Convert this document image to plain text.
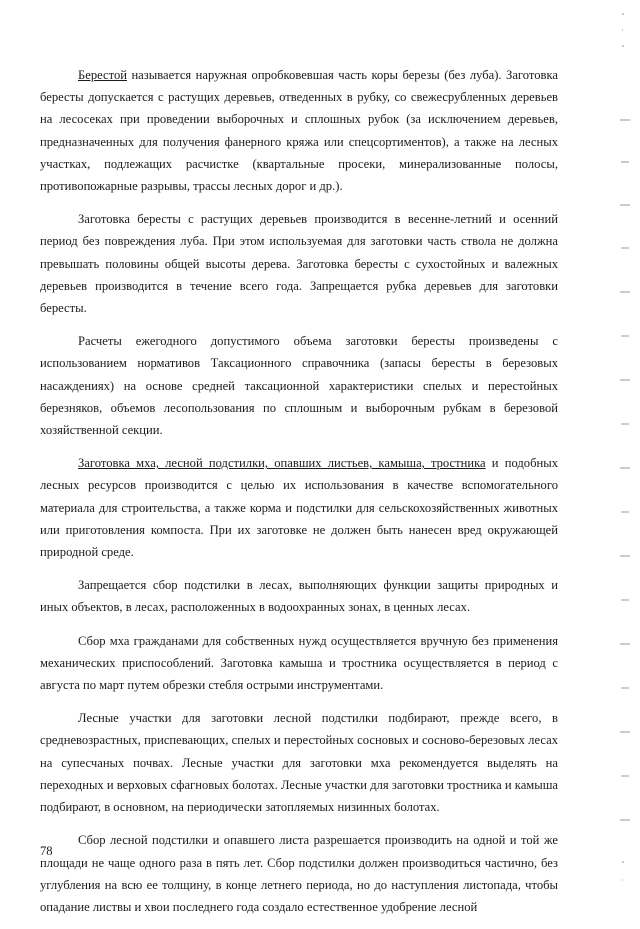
Берестой называется наружная опробковевшая часть коры березы (без луба). Заготовка бересты допускается с растущих деревьев, отведенных в рубку, со свежесрубленных деревьев на лесосеках при проведении выборочных и сплошных рубок (за исключением деревьев, предназначенных для получения фанерного кряжа или спецсортиментов), а также на лесных участках, подлежащих расчистке (квартальные просеки, минерализованные полосы, противопожарные разрывы, трассы лесных дорог и др.).

Заготовка бересты с растущих деревьев производится в весенне-летний и осенний период без повреждения луба. При этом используемая для заготовки часть ствола не должна превышать половины общей высоты дерева. Заготовка бересты с сухостойных и валежных деревьев производится в течение всего года. Запрещается рубка деревьев для заготовки бересты.

Расчеты ежегодного допустимого объема заготовки бересты произведены с использованием нормативов Таксационного справочника (запасы бересты в березовых насаждениях) на основе средней таксационной характеристики спелых и перестойных березняков, объемов лесопользования по сплошным и выборочным рубкам в березовой хозяйственной секции.

Заготовка мха, лесной подстилки, опавших листьев, камыша, тростника и подобных лесных ресурсов производится с целью их использования в качестве вспомогательного материала для строительства, а также корма и подстилки для сельскохозяйственных животных или приготовления компоста. При их заготовке не должен быть нанесен вред окружающей природной среде.

Запрещается сбор подстилки в лесах, выполняющих функции защиты природных и иных объектов, в лесах, расположенных в водоохранных зонах, в ценных лесах.

Сбор мха гражданами для собственных нужд осуществляется вручную без применения механических приспособлений. Заготовка камыша и тростника осуществляется в период с августа по март путем обрезки стебля острыми инструментами.

Лесные участки для заготовки лесной подстилки подбирают, прежде всего, в средневозрастных, приспевающих, спелых и перестойных сосновых и сосново-березовых лесах на супесчаных почвах. Лесные участки для заготовки мха рекомендуется выделять на переходных и верховых сфагновых болотах. Лесные участки для заготовки тростника и камыша подбирают, в основном, на периодически затопляемых низинных болотах.

Сбор лесной подстилки и опавшего листа разрешается производить на одной и той же площади не чаще одного раза в пять лет. Сбор подстилки должен производиться частично, без углубления на всю ее толщину, в конце летнего периода, но до наступления листопада, чтобы опадание листвы и хвои последнего года создало естественное удобрение лесной

78
